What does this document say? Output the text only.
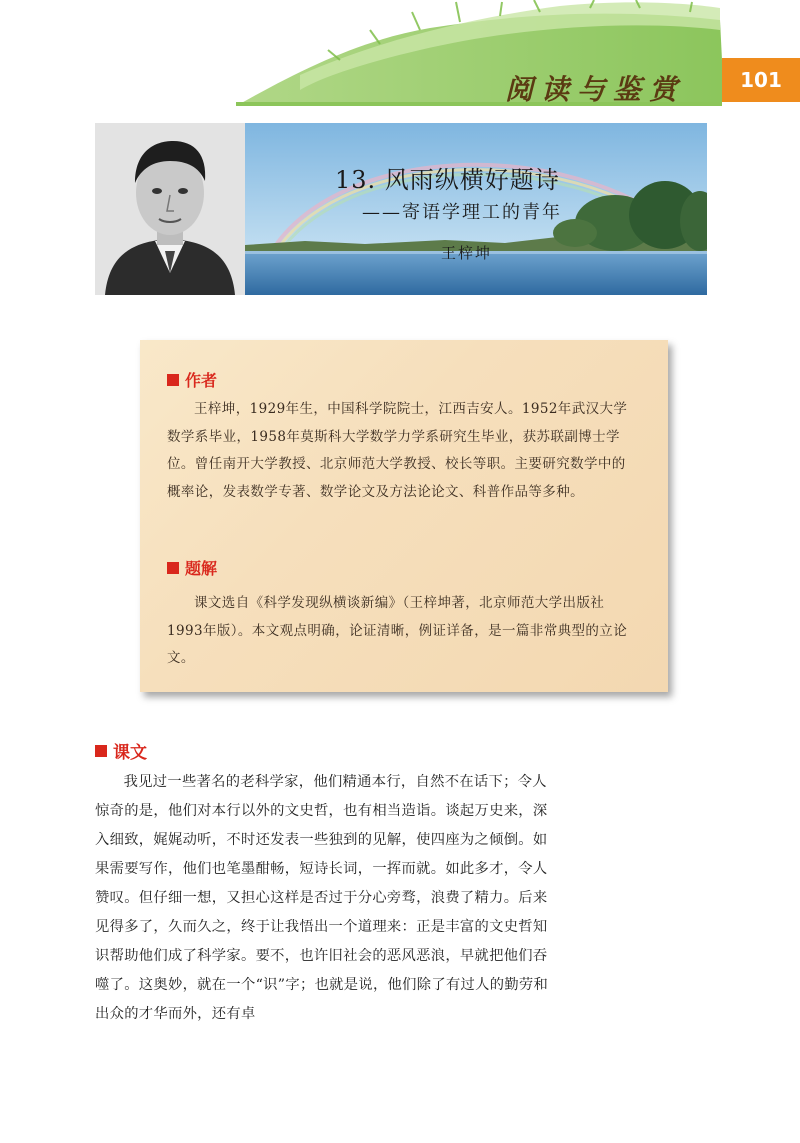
阅读与鉴赏	101
13. 风雨纵横好题诗
——寄语学理工的青年
王梓坤
作者

王梓坤，1929年生，中国科学院院士，江西吉安人。1952年武汉大学数学系毕业，1958年莫斯科大学数学力学系研究生毕业，获苏联副博士学位。曾任南开大学教授、北京师范大学教授、校长等职。主要研究数学中的概率论，发表数学专著、数学论文及方法论论文、科普作品等多种。

题解

课文选自《科学发现纵横谈新编》（王梓坤著，北京师范大学出版社1993年版）。本文观点明确，论证清晰，例证详备，是一篇非常典型的立论文。

课文

我见过一些著名的老科学家，他们精通本行，自然不在话下；令人惊奇的是，他们对本行以外的文史哲，也有相当造诣。谈起万史来，深入细致，娓娓动听，不时还发表一些独到的见解，使四座为之倾倒。如果需要写作，他们也笔墨酣畅，短诗长词，一挥而就。如此多才，令人赞叹。但仔细一想，又担心这样是否过于分心旁骛，浪费了精力。后来见得多了，久而久之，终于让我悟出一个道理来：正是丰富的文史哲知识帮助他们成了科学家。要不，也许旧社会的恶风恶浪，早就把他们吞噬了。这奥妙，就在一个“识”字；也就是说，他们除了有过人的勤劳和出众的才华而外，还有卓
